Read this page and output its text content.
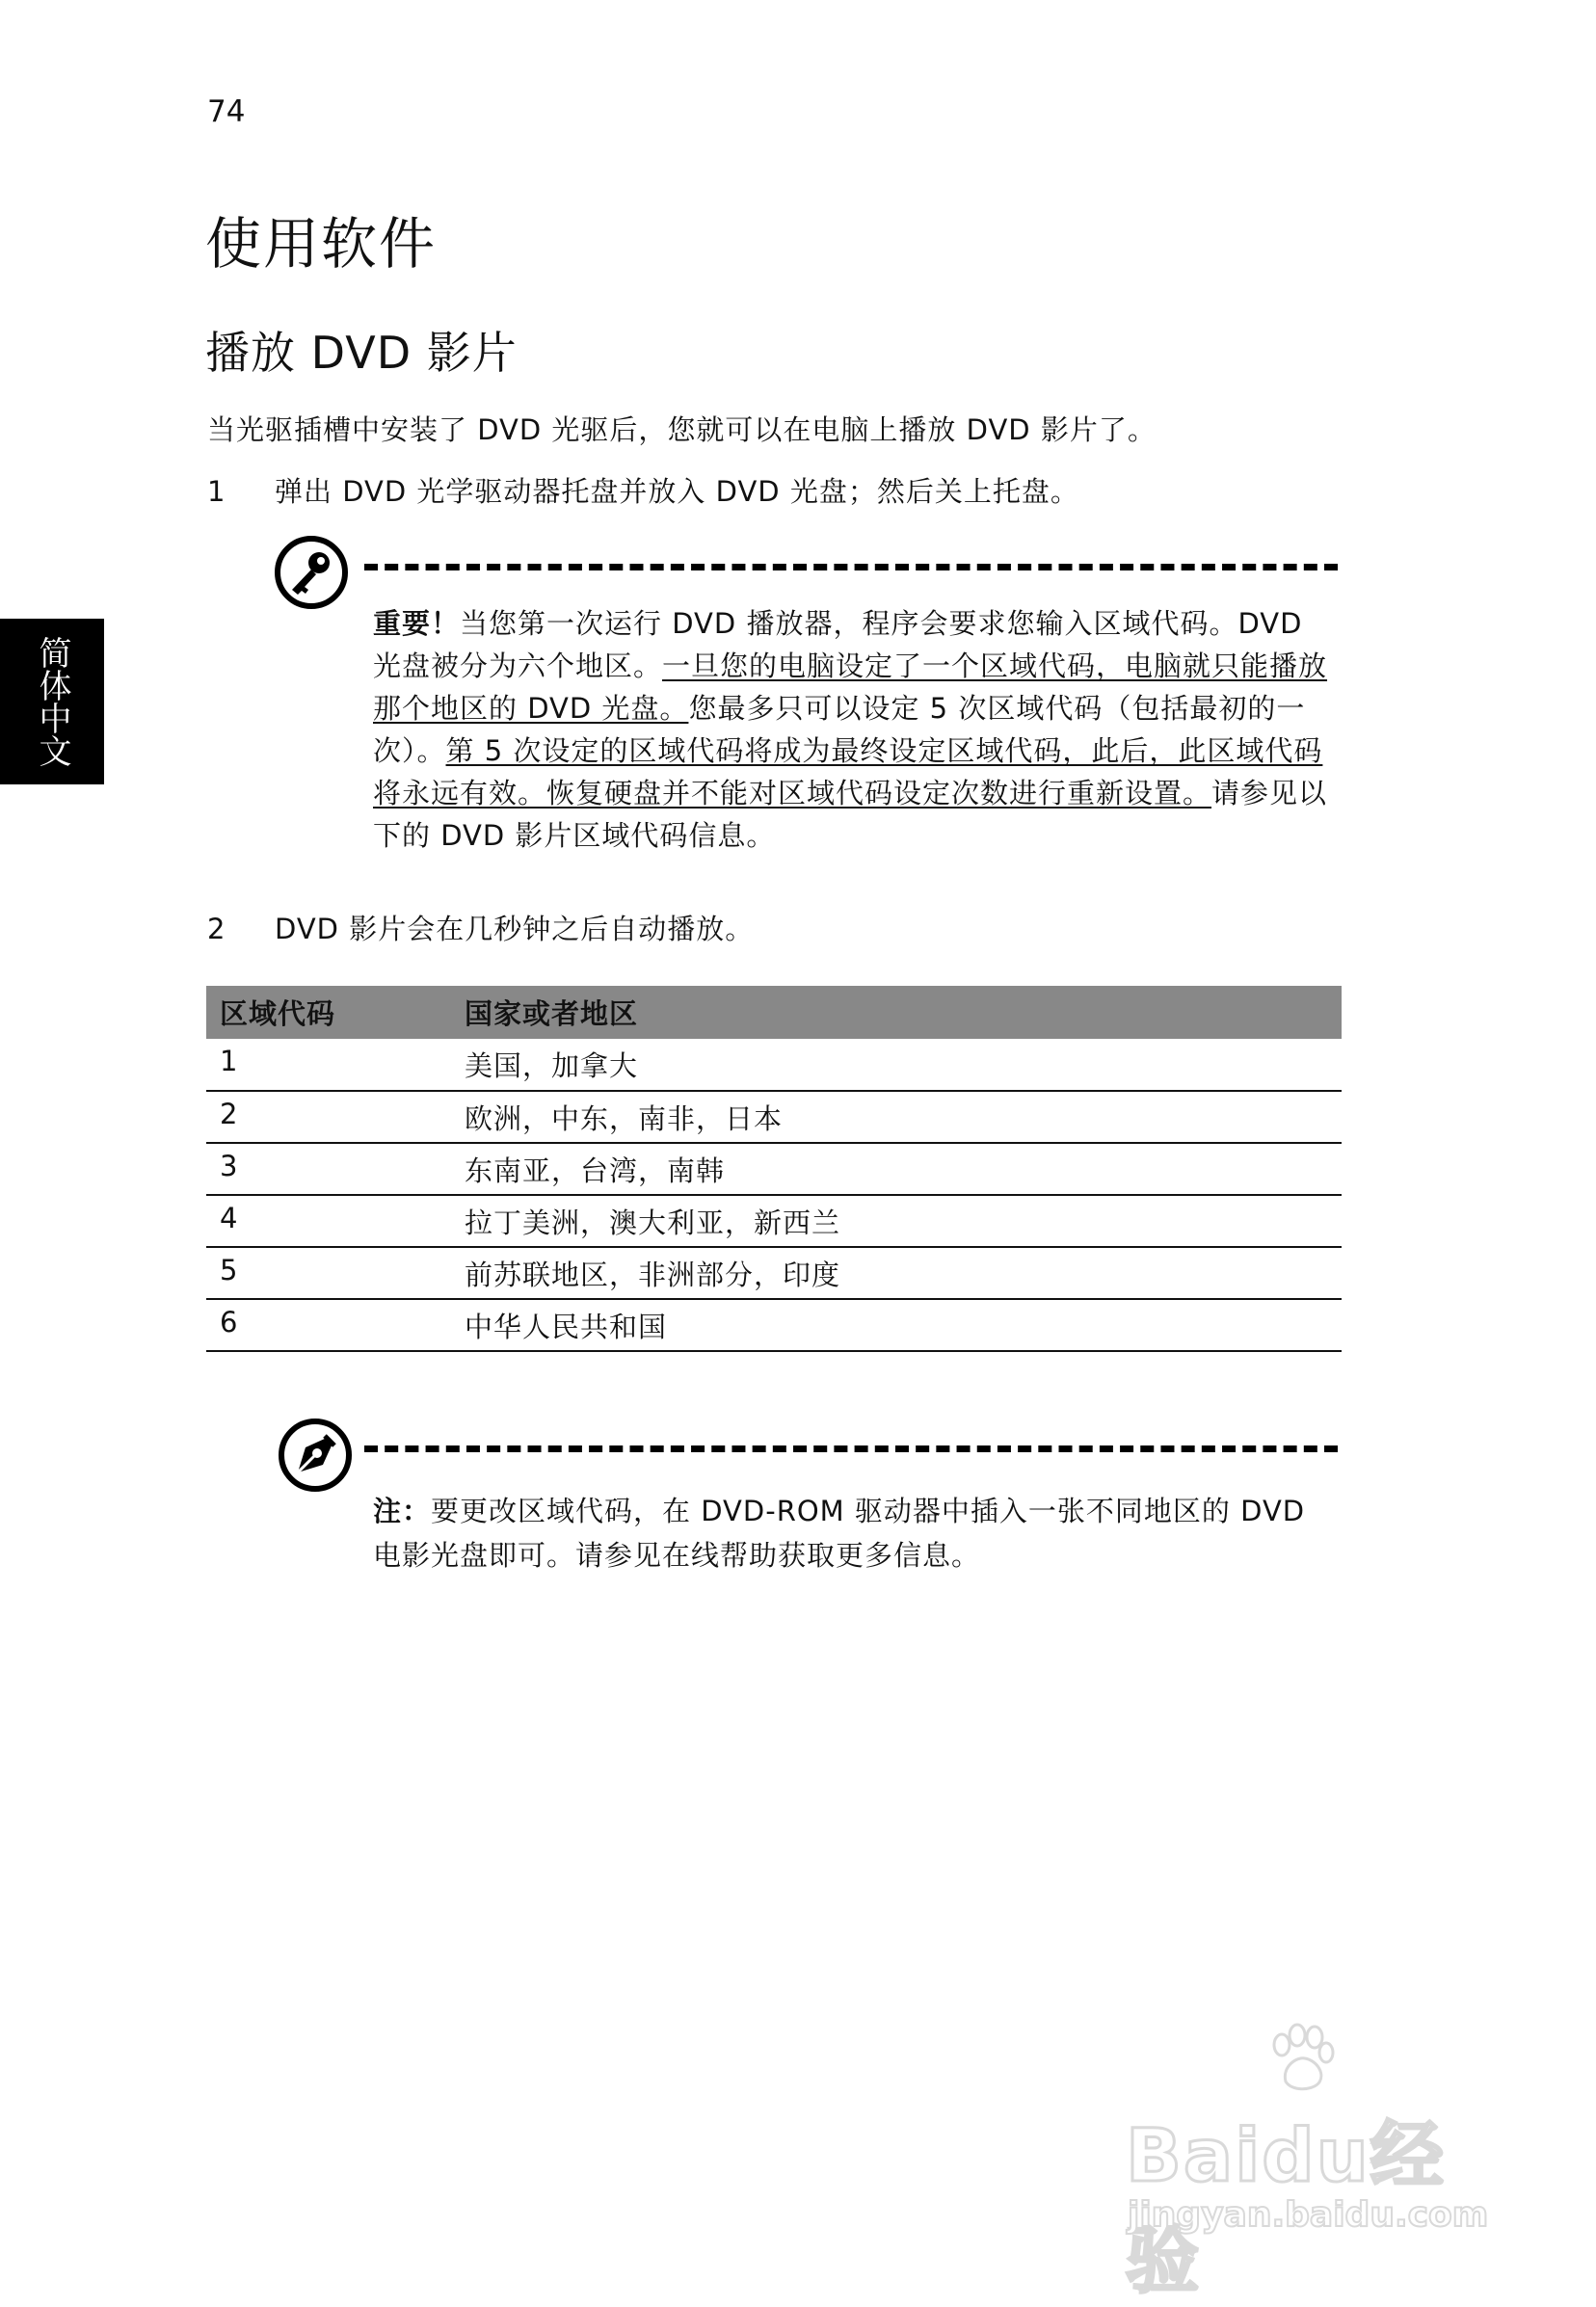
74
简体中文
使用软件
播放 DVD 影片
当光驱插槽中安装了 DVD 光驱后，您就可以在电脑上播放 DVD 影片了。
1 弹出 DVD 光学驱动器托盘并放入 DVD 光盘；然后关上托盘。
重要！当您第一次运行 DVD 播放器，程序会要求您输入区域代码。DVD 光盘被分为六个地区。一旦您的电脑设定了一个区域代码，电脑就只能播放那个地区的 DVD 光盘。您最多只可以设定 5 次区域代码（包括最初的一次）。第 5 次设定的区域代码将成为最终设定区域代码，此后，此区域代码将永远有效。恢复硬盘并不能对区域代码设定次数进行重新设置。请参见以下的 DVD 影片区域代码信息。
2 DVD 影片会在几秒钟之后自动播放。
区域代码	国家或者地区
1	美国，加拿大
2	欧洲，中东，南非，日本
3	东南亚，台湾，南韩
4	拉丁美洲，澳大利亚，新西兰
5	前苏联地区，非洲部分，印度
6	中华人民共和国
注：要更改区域代码，在 DVD-ROM 驱动器中插入一张不同地区的 DVD 电影光盘即可。请参见在线帮助获取更多信息。
Baidu经验
jingyan.baidu.com
